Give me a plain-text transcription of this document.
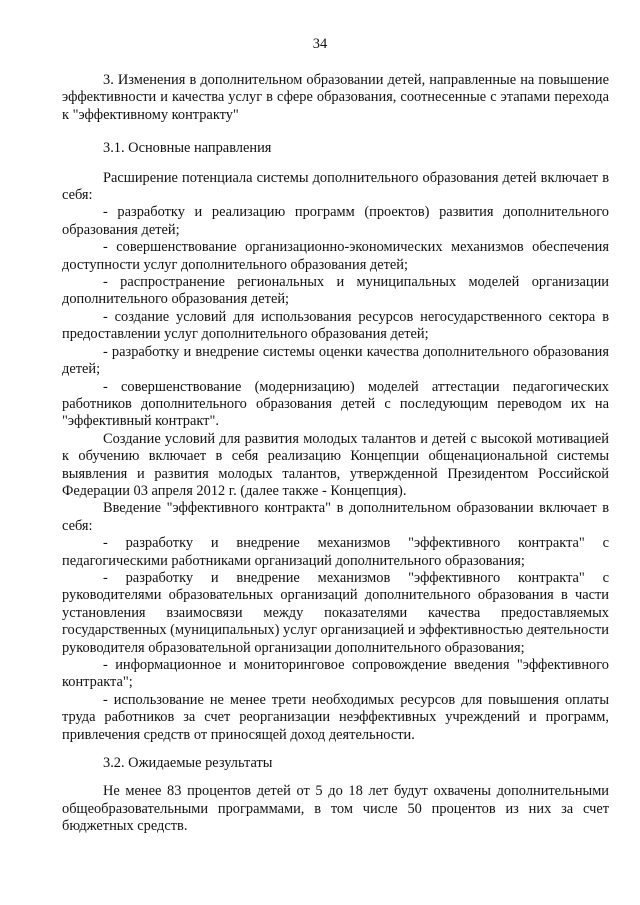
34
3. Изменения в дополнительном образовании детей, направленные на повышение эффективности и качества услуг в сфере образования, соотнесенные с этапами перехода к "эффективному контракту"
3.1. Основные направления

Расширение потенциала системы дополнительного образования детей включает в себя:

- разработку и реализацию программ (проектов) развития дополнительного образования детей;

- совершенствование организационно-экономических механизмов обеспечения доступности услуг дополнительного образования детей;

- распространение региональных и муниципальных моделей организации дополнительного образования детей;

- создание условий для использования ресурсов негосударственного сектора в предоставлении услуг дополнительного образования детей;

- разработку и внедрение системы оценки качества дополнительного образования детей;

- совершенствование (модернизацию) моделей аттестации педагогических работников дополнительного образования детей с последующим переводом их на "эффективный контракт".

Создание условий для развития молодых талантов и детей с высокой мотивацией к обучению включает в себя реализацию Концепции общенациональной системы выявления и развития молодых талантов, утвержденной Президентом Российской Федерации 03 апреля 2012 г. (далее также - Концепция).

Введение "эффективного контракта" в дополнительном образовании включает в себя:

- разработку и внедрение механизмов "эффективного контракта" с педагогическими работниками организаций дополнительного образования;

- разработку и внедрение механизмов "эффективного контракта" с руководителями образовательных организаций дополнительного образования в части установления взаимосвязи между показателями качества предоставляемых государственных (муниципальных) услуг организацией и эффективностью деятельности руководителя образовательной организации дополнительного образования;

- информационное и мониторинговое сопровождение введения "эффективного контракта";

- использование не менее трети необходимых ресурсов для повышения оплаты труда работников за счет реорганизации неэффективных учреждений и программ, привлечения средств от приносящей доход деятельности.

3.2. Ожидаемые результаты

Не менее 83 процентов детей от 5 до 18 лет будут охвачены дополнительными общеобразовательными программами, в том числе 50 процентов из них за счет бюджетных средств.
